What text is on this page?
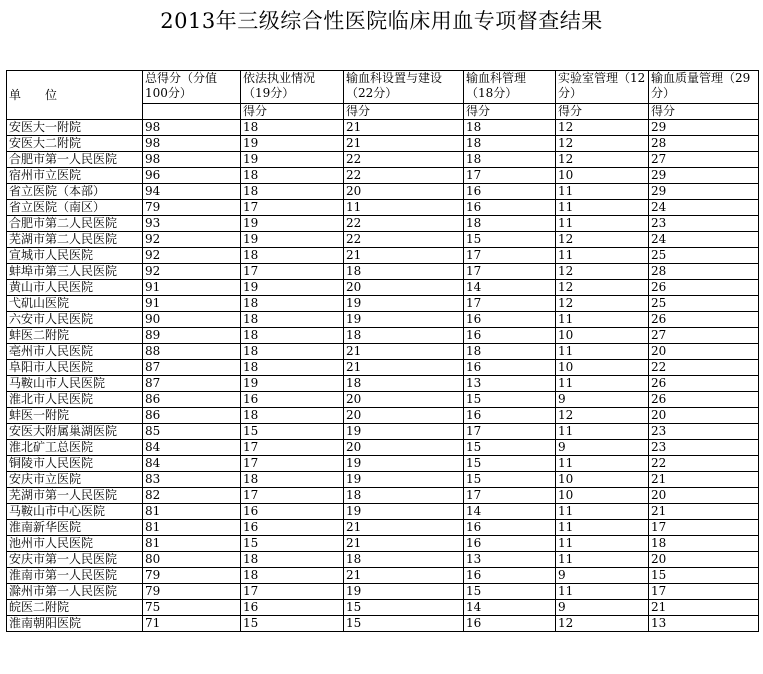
2013年三级综合性医院临床用血专项督查结果
单　　位	总得分（分值100分）	依法执业情况（19分）	输血科设置与建设（22分）	输血科管理（18分）	实验室管理（12分）	输血质量管理（29分）
		得分	得分	得分	得分	得分
安医大一附院	98	18	21	18	12	29
安医大二附院	98	19	21	18	12	28
合肥市第一人民医院	98	19	22	18	12	27
宿州市立医院	96	18	22	17	10	29
省立医院（本部）	94	18	20	16	11	29
省立医院（南区）	79	17	11	16	11	24
合肥市第二人民医院	93	19	22	18	11	23
芜湖市第二人民医院	92	19	22	15	12	24
宣城市人民医院	92	18	21	17	11	25
蚌埠市第三人民医院	92	17	18	17	12	28
黄山市人民医院	91	19	20	14	12	26
弋矶山医院	91	18	19	17	12	25
六安市人民医院	90	18	19	16	11	26
蚌医二附院	89	18	18	16	10	27
亳州市人民医院	88	18	21	18	11	20
阜阳市人民医院	87	18	21	16	10	22
马鞍山市人民医院	87	19	18	13	11	26
淮北市人民医院	86	16	20	15	9	26
蚌医一附院	86	18	20	16	12	20
安医大附属巢湖医院	85	15	19	17	11	23
淮北矿工总医院	84	17	20	15	9	23
铜陵市人民医院	84	17	19	15	11	22
安庆市立医院	83	18	19	15	10	21
芜湖市第一人民医院	82	17	18	17	10	20
马鞍山市中心医院	81	16	19	14	11	21
淮南新华医院	81	16	21	16	11	17
池州市人民医院	81	15	21	16	11	18
安庆市第一人民医院	80	18	18	13	11	20
淮南市第一人民医院	79	18	21	16	9	15
滁州市第一人民医院	79	17	19	15	11	17
皖医二附院	75	16	15	14	9	21
淮南朝阳医院	71	15	15	16	12	13
